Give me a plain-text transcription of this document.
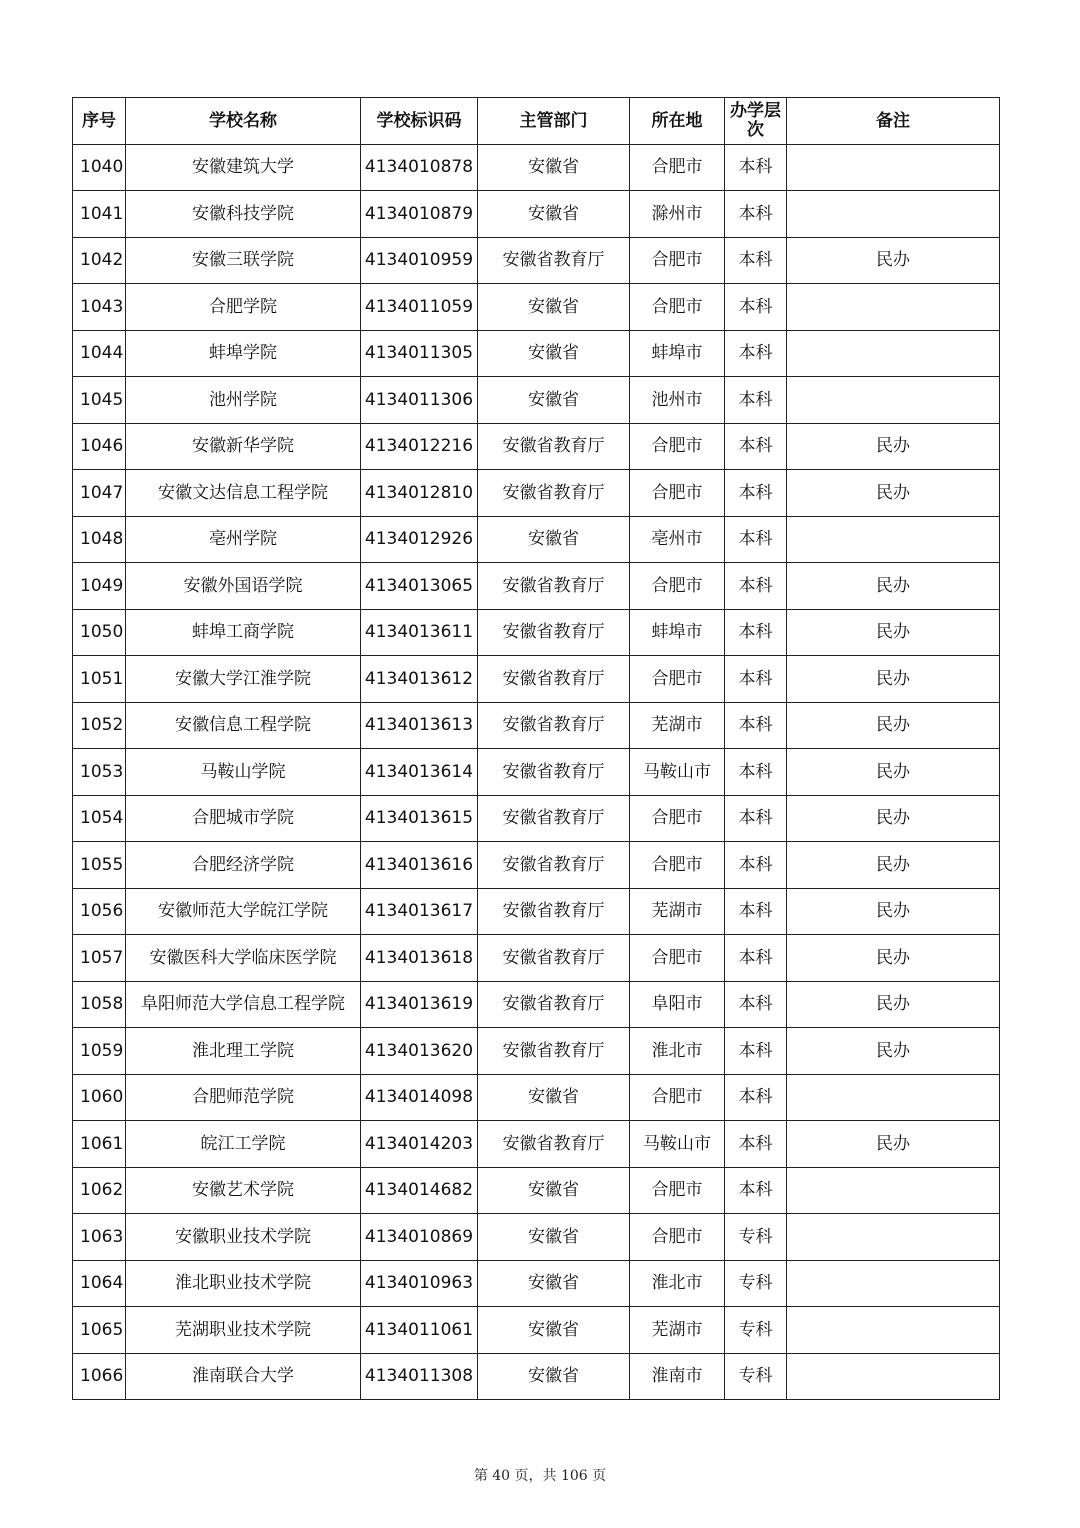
序号	学校名称	学校标识码	主管部门	所在地	办学层次	备注
1040	安徽建筑大学	4134010878	安徽省	合肥市	本科	
1041	安徽科技学院	4134010879	安徽省	滁州市	本科	
1042	安徽三联学院	4134010959	安徽省教育厅	合肥市	本科	民办
1043	合肥学院	4134011059	安徽省	合肥市	本科	
1044	蚌埠学院	4134011305	安徽省	蚌埠市	本科	
1045	池州学院	4134011306	安徽省	池州市	本科	
1046	安徽新华学院	4134012216	安徽省教育厅	合肥市	本科	民办
1047	安徽文达信息工程学院	4134012810	安徽省教育厅	合肥市	本科	民办
1048	亳州学院	4134012926	安徽省	亳州市	本科	
1049	安徽外国语学院	4134013065	安徽省教育厅	合肥市	本科	民办
1050	蚌埠工商学院	4134013611	安徽省教育厅	蚌埠市	本科	民办
1051	安徽大学江淮学院	4134013612	安徽省教育厅	合肥市	本科	民办
1052	安徽信息工程学院	4134013613	安徽省教育厅	芜湖市	本科	民办
1053	马鞍山学院	4134013614	安徽省教育厅	马鞍山市	本科	民办
1054	合肥城市学院	4134013615	安徽省教育厅	合肥市	本科	民办
1055	合肥经济学院	4134013616	安徽省教育厅	合肥市	本科	民办
1056	安徽师范大学皖江学院	4134013617	安徽省教育厅	芜湖市	本科	民办
1057	安徽医科大学临床医学院	4134013618	安徽省教育厅	合肥市	本科	民办
1058	阜阳师范大学信息工程学院	4134013619	安徽省教育厅	阜阳市	本科	民办
1059	淮北理工学院	4134013620	安徽省教育厅	淮北市	本科	民办
1060	合肥师范学院	4134014098	安徽省	合肥市	本科	
1061	皖江工学院	4134014203	安徽省教育厅	马鞍山市	本科	民办
1062	安徽艺术学院	4134014682	安徽省	合肥市	本科	
1063	安徽职业技术学院	4134010869	安徽省	合肥市	专科	
1064	淮北职业技术学院	4134010963	安徽省	淮北市	专科	
1065	芜湖职业技术学院	4134011061	安徽省	芜湖市	专科	
1066	淮南联合大学	4134011308	安徽省	淮南市	专科	
第 40 页，共 106 页
